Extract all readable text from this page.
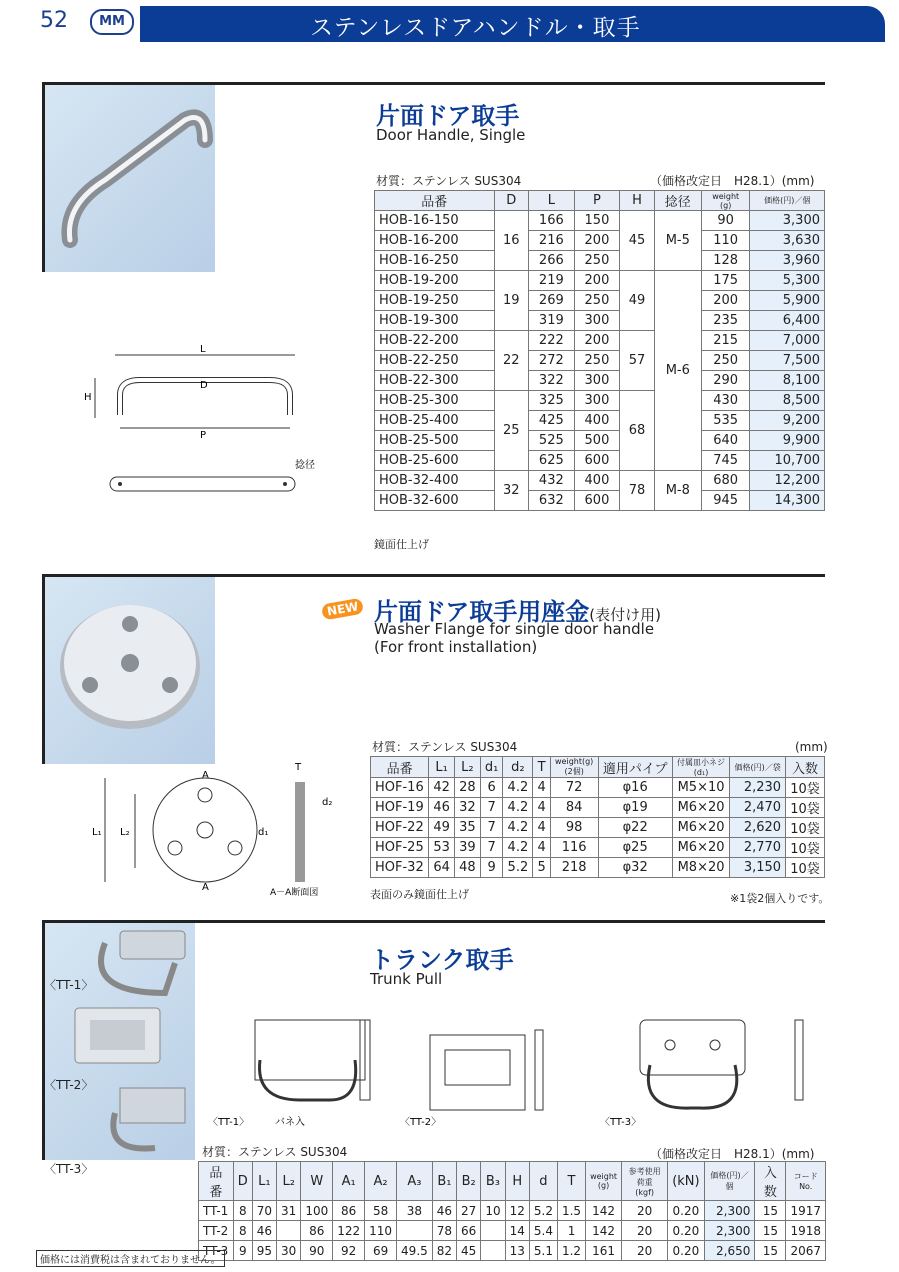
52	MM	ステンレスドアハンドル・取手
片面ドア取手
Door Handle, Single
材質：ステンレス SUS304	（価格改定日　H28.1）(mm)
品番	D	L	P	H	捻径	weight
(g)	価格(円)／個
HOB-16-150	16	166	150	45	M-5	90	3,300
HOB-16-200		216	200			110	3,630
HOB-16-250		266	250			128	3,960
HOB-19-200	19	219	200	49	M-6	175	5,300
HOB-19-250		269	250			200	5,900
HOB-19-300		319	300			235	6,400
HOB-22-200	22	222	200	57		215	7,000
HOB-22-250		272	250			250	7,500
HOB-22-300		322	300			290	8,100
HOB-25-300	25	325	300	68		430	8,500
HOB-25-400		425	400			535	9,200
HOB-25-500		525	500			640	9,900
HOB-25-600		625	600			745	10,700
HOB-32-400	32	432	400	78	M-8	680	12,200
HOB-32-600		632	600			945	14,300
鏡面仕上げ
L
D
H
P
捻径
NEW 片面ドア取手用座金(表付け用)
Washer Flange for single door handle
(For front installation)
材質：ステンレス SUS304	(mm)
品番	L₁	L₂	d₁	d₂	T	weight(g)
(2個)	適用パイプ	付属皿小ネジ
(d₁)	価格(円)／袋	入数
HOF-16	42	28	6	4.2	4	72	φ16	M5×10	2,230	10袋
HOF-19	46	32	7	4.2	4	84	φ19	M6×20	2,470	10袋
HOF-22	49	35	7	4.2	4	98	φ22	M6×20	2,620	10袋
HOF-25	53	39	7	4.2	4	116	φ25	M6×20	2,770	10袋
HOF-32	64	48	9	5.2	5	218	φ32	M8×20	3,150	10袋
表面のみ鏡面仕上げ	※1袋2個入りです。
A
L₁ L₂
A
T
d₂
d₁
A－A断面図
〈TT-1〉
〈TT-2〉
〈TT-3〉
トランク取手
Trunk Pull
〈TT-1〉	バネ入	〈TT-2〉	〈TT-3〉
材質：ステンレス SUS304	（価格改定日　H28.1）(mm)
品番	D	L₁	L₂	W	A₁	A₂	A₃	B₁	B₂	B₃	H	d	T	weight
(g)	参考使用荷重
(kgf)	(kN)	価格(円)／個	入数	コード
No.
TT-1	8	70	31	100	86	58	38	46	27	10	12	5.2	1.5	142	20	0.20	2,300	15	1917
TT-2	8	46		86	122	110		78	66		14	5.4	1	142	20	0.20	2,300	15	1918
TT-3	9	95	30	90	92	69	49.5	82	45		13	5.1	1.2	161	20	0.20	2,650	15	2067
価格には消費税は含まれておりません。
